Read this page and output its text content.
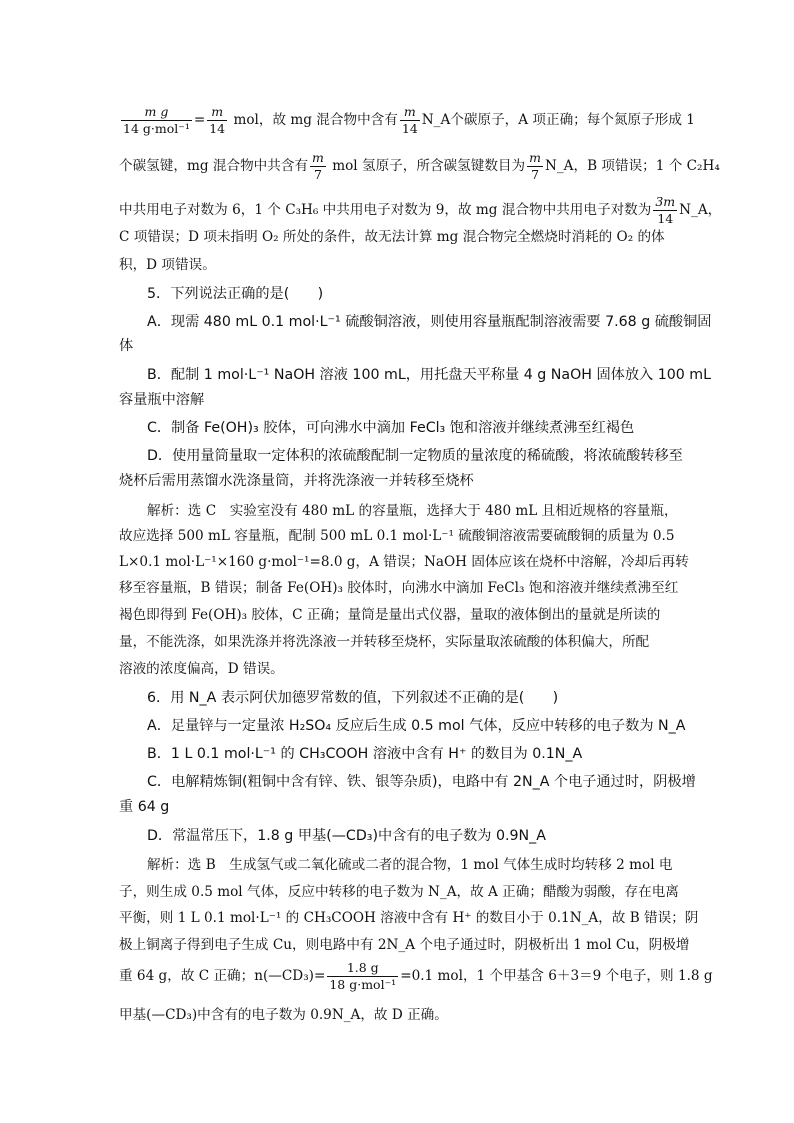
$\frac{\text{m g}}{\text{14 g·mol⁻¹}} = \frac{m}{14}$ mol，故 mg 混合物中含有 $\frac{m}{14}$ N_A个碳原子，A 项正确；每个氮原子形成 1
个碳氢键，mg 混合物中共含有 $\frac{m}{7}$ mol 氢原子，所含碳氢键数目为 $\frac{m}{7}$ N_A，B 项错误；1 个 C₂H₄
中共用电子对数为 6，1 个 C₃H₆ 中共用电子对数为 9，故 mg 混合物中共用电子对数为 $\frac{3m}{14}$ N_A，
C 项错误；D 项未指明 O₂ 所处的条件，故无法计算 mg 混合物完全燃烧时消耗的 O₂ 的体
积，D 项错误。
5．下列说法正确的是(　　)
A．现需 480 mL 0.1 mol·L⁻¹ 硫酸铜溶液，则使用容量瓶配制溶液需要 7.68 g 硫酸铜固
体
B．配制 1 mol·L⁻¹ NaOH 溶液 100 mL，用托盘天平称量 4 g NaOH 固体放入 100 mL
容量瓶中溶解
C．制备 Fe(OH)₃ 胶体，可向沸水中滴加 FeCl₃ 饱和溶液并继续煮沸至红褐色
D．使用量筒量取一定体积的浓硫酸配制一定物质的量浓度的稀硫酸，将浓硫酸转移至
烧杯后需用蒸馏水洗涤量筒，并将洗涤液一并转移至烧杯
解析：选 C　实验室没有 480 mL 的容量瓶，选择大于 480 mL 且相近规格的容量瓶，
故应选择 500 mL 容量瓶，配制 500 mL 0.1 mol·L⁻¹ 硫酸铜溶液需要硫酸铜的质量为 0.5
L×0.1 mol·L⁻¹×160 g·mol⁻¹=8.0 g，A 错误；NaOH 固体应该在烧杯中溶解，冷却后再转
移至容量瓶，B 错误；制备 Fe(OH)₃ 胶体时，向沸水中滴加 FeCl₃ 饱和溶液并继续煮沸至红
褐色即得到 Fe(OH)₃ 胶体，C 正确；量筒是量出式仪器，量取的液体倒出的量就是所读的
量，不能洗涤，如果洗涤并将洗涤液一并转移至烧杯，实际量取浓硫酸的体积偏大，所配
溶液的浓度偏高，D 错误。
6．用 N_A 表示阿伏加德罗常数的值，下列叙述不正确的是(　　)
A．足量锌与一定量浓 H₂SO₄ 反应后生成 0.5 mol 气体，反应中转移的电子数为 N_A
B．1 L 0.1 mol·L⁻¹ 的 CH₃COOH 溶液中含有 H⁺ 的数目为 0.1N_A
C．电解精炼铜(粗铜中含有锌、铁、银等杂质)，电路中有 2N_A 个电子通过时，阴极增
重 64 g
D．常温常压下，1.8 g 甲基(—CD₃)中含有的电子数为 0.9N_A
解析：选 B　生成氢气或二氧化硫或二者的混合物，1 mol 气体生成时均转移 2 mol 电
子，则生成 0.5 mol 气体，反应中转移的电子数为 N_A，故 A 正确；醋酸为弱酸，存在电离
平衡，则 1 L 0.1 mol·L⁻¹ 的 CH₃COOH 溶液中含有 H⁺ 的数目小于 0.1N_A，故 B 错误；阴
极上铜离子得到电子生成 Cu，则电路中有 2N_A 个电子通过时，阴极析出 1 mol Cu，阴极增
重 64 g，故 C 正确；n(—CD₃)= $\frac{1.8 g}{\text{18 g·mol⁻¹}} =0.1$ mol，1 个甲基含 6＋3＝9 个电子，则 1.8 g
甲基(—CD₃)中含有的电子数为 0.9N_A，故 D 正确。
